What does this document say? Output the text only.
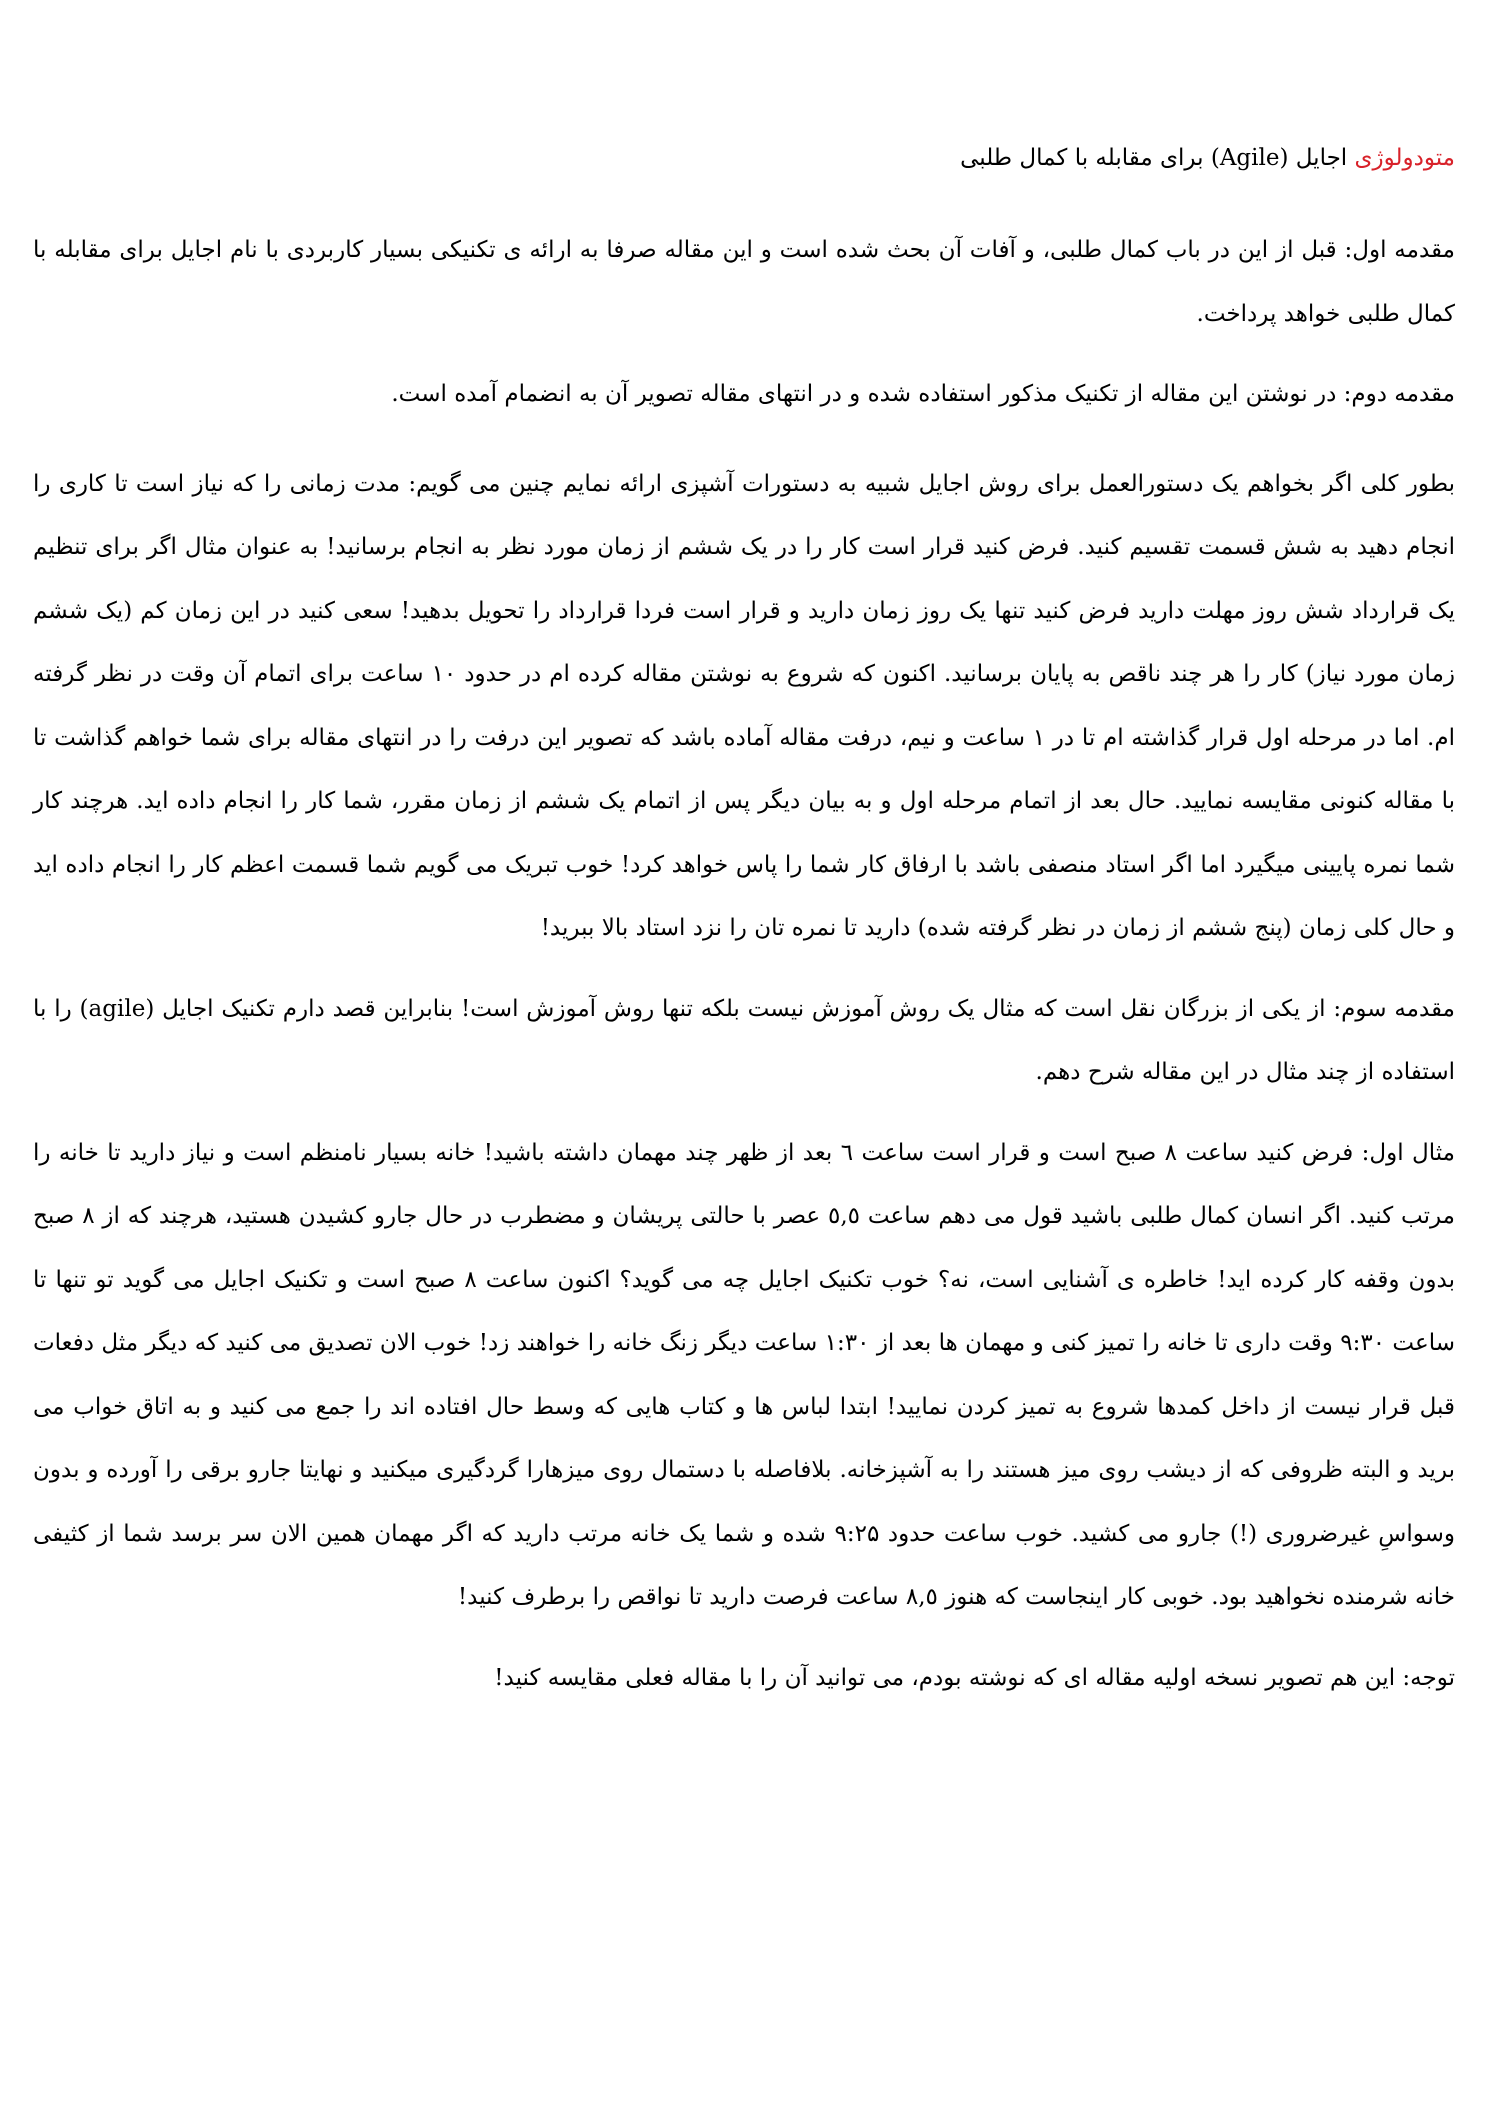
متودولوژی اجایل (Agile) برای مقابله با کمال طلبی

مقدمه اول: قبل از این در باب کمال طلبی، و آفات آن بحث شده است و این مقاله صرفا به ارائه ی تکنیکی بسیار کاربردی با نام اجایل برای مقابله با کمال طلبی خواهد پرداخت.

مقدمه دوم: در نوشتن این مقاله از تکنیک مذکور استفاده شده و در انتهای مقاله تصویر آن به انضمام آمده است.

بطور کلی اگر بخواهم یک دستورالعمل برای روش اجایل شبیه به دستورات آشپزی ارائه نمایم چنین می گویم: مدت زمانی را که نیاز است تا کاری را انجام دهید به شش قسمت تقسیم کنید. فرض کنید قرار است کار را در یک ششم از زمان مورد نظر به انجام برسانید! به عنوان مثال اگر برای تنظیم یک قرارداد شش روز مهلت دارید فرض کنید تنها یک روز زمان دارید و قرار است فردا قرارداد را تحویل بدهید! سعی کنید در این زمان کم (یک ششم زمان مورد نیاز) کار را هر چند ناقص به پایان برسانید. اکنون که شروع به نوشتن مقاله کرده ام در حدود ۱۰ ساعت برای اتمام آن وقت در نظر گرفته ام. اما در مرحله اول قرار گذاشته ام تا در ۱ ساعت و نیم، درفت مقاله آماده باشد که تصویر این درفت را در انتهای مقاله برای شما خواهم گذاشت تا با مقاله کنونی مقایسه نمایید. حال بعد از اتمام مرحله اول و به بیان دیگر پس از اتمام یک ششم از زمان مقرر، شما کار را انجام داده اید. هرچند کار شما نمره پایینی میگیرد اما اگر استاد منصفی باشد با ارفاق کار شما را پاس خواهد کرد! خوب تبریک می گویم شما قسمت اعظم کار را انجام داده اید و حال کلی زمان (پنج ششم از زمان در نظر گرفته شده) دارید تا نمره تان را نزد استاد بالا ببرید!

مقدمه سوم: از یکی از بزرگان نقل است که مثال یک روش آموزش نیست بلکه تنها روش آموزش است! بنابراین قصد دارم تکنیک اجایل (agile) را با استفاده از چند مثال در این مقاله شرح دهم.

مثال اول: فرض کنید ساعت ۸ صبح است و قرار است ساعت ٦ بعد از ظهر چند مهمان داشته باشید! خانه بسیار نامنظم است و نیاز دارید تا خانه را مرتب کنید. اگر انسان کمال طلبی باشید قول می دهم ساعت ٥,٥ عصر با حالتی پریشان و مضطرب در حال جارو کشیدن هستید، هرچند که از ۸ صبح بدون وقفه کار کرده اید! خاطره ی آشنایی است، نه؟ خوب تکنیک اجایل چه می گوید؟ اکنون ساعت ۸ صبح است و تکنیک اجایل می گوید تو تنها تا ساعت ۹:۳۰ وقت داری تا خانه را تمیز کنی و مهمان ها بعد از ۱:۳۰ ساعت دیگر زنگ خانه را خواهند زد! خوب الان تصدیق می کنید که دیگر مثل دفعات قبل قرار نیست از داخل کمدها شروع به تمیز کردن نمایید! ابتدا لباس ها و کتاب هایی که وسط حال افتاده اند را جمع می کنید و به اتاق خواب می برید و البته ظروفی که از دیشب روی میز هستند را به آشپزخانه. بلافاصله با دستمال روی میزهارا گردگیری میکنید و نهایتا جارو برقی را آورده و بدون وسواسِ غیرضروری (!) جارو می کشید. خوب ساعت حدود ۹:۲۵ شده و شما یک خانه مرتب دارید که اگر مهمان همین الان سر برسد شما از کثیفی خانه شرمنده نخواهید بود. خوبی کار اینجاست که هنوز ۸,٥ ساعت فرصت دارید تا نواقص را برطرف کنید!

توجه: این هم تصویر نسخه اولیه مقاله ای که نوشته بودم، می توانید آن را با مقاله فعلی مقایسه کنید!
